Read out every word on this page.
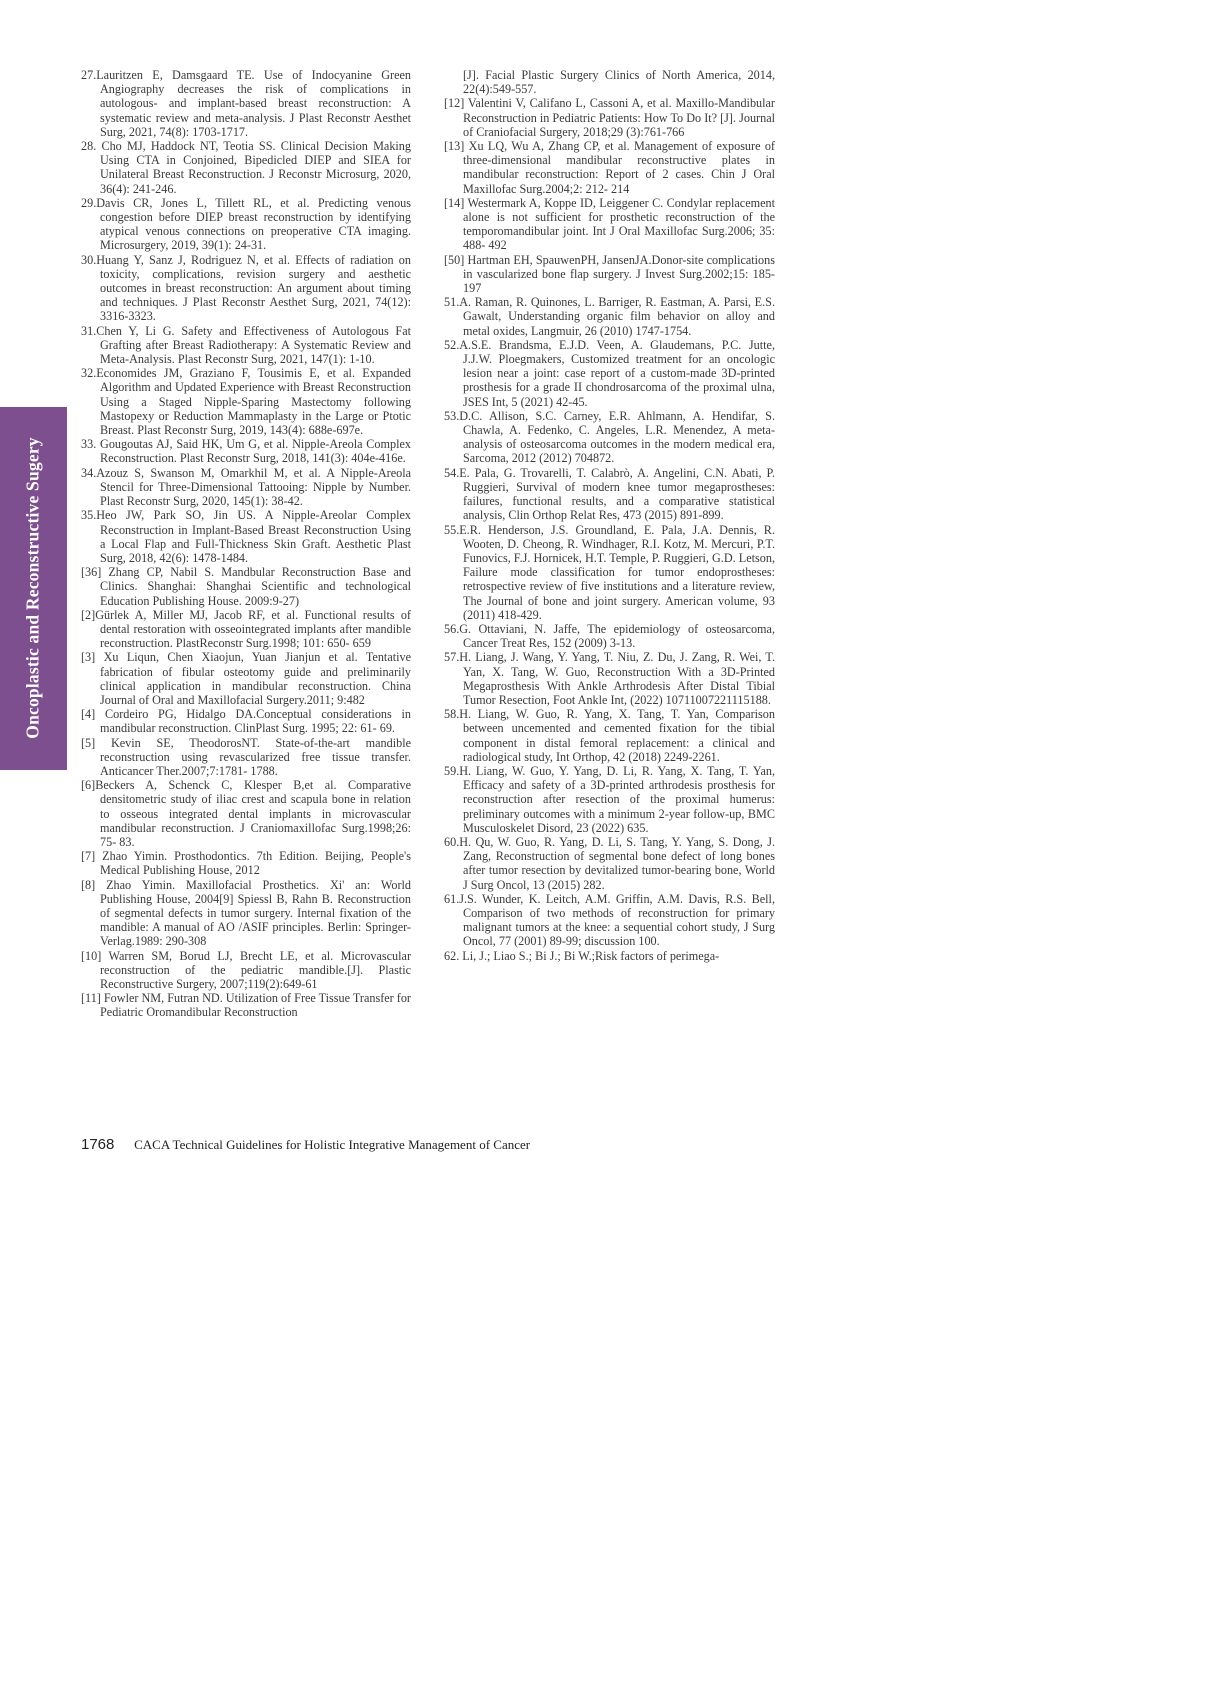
Oncoplastic and Reconstructive Sugery

27.Lauritzen E, Damsgaard TE. Use of Indocyanine Green Angiography decreases the risk of complications in autologous- and implant-based breast reconstruction: A systematic review and meta-analysis. J Plast Reconstr Aesthet Surg, 2021, 74(8): 1703-1717.

28. Cho MJ, Haddock NT, Teotia SS. Clinical Decision Making Using CTA in Conjoined, Bipedicled DIEP and SIEA for Unilateral Breast Reconstruction. J Reconstr Microsurg, 2020, 36(4): 241-246.

29.Davis CR, Jones L, Tillett RL, et al. Predicting venous congestion before DIEP breast reconstruction by identifying atypical venous connections on preoperative CTA imaging. Microsurgery, 2019, 39(1): 24-31.

30.Huang Y, Sanz J, Rodriguez N, et al. Effects of radiation on toxicity, complications, revision surgery and aesthetic outcomes in breast reconstruction: An argument about timing and techniques. J Plast Reconstr Aesthet Surg, 2021, 74(12): 3316-3323.

31.Chen Y, Li G. Safety and Effectiveness of Autologous Fat Grafting after Breast Radiotherapy: A Systematic Review and Meta-Analysis. Plast Reconstr Surg, 2021, 147(1): 1-10.

32.Economides JM, Graziano F, Tousimis E, et al. Expanded Algorithm and Updated Experience with Breast Reconstruction Using a Staged Nipple-Sparing Mastectomy following Mastopexy or Reduction Mammaplasty in the Large or Ptotic Breast. Plast Reconstr Surg, 2019, 143(4): 688e-697e.

33. Gougoutas AJ, Said HK, Um G, et al. Nipple-Areola Complex Reconstruction. Plast Reconstr Surg, 2018, 141(3): 404e-416e.

34.Azouz S, Swanson M, Omarkhil M, et al. A Nipple-Areola Stencil for Three-Dimensional Tattooing: Nipple by Number. Plast Reconstr Surg, 2020, 145(1): 38-42.

35.Heo JW, Park SO, Jin US. A Nipple-Areolar Complex Reconstruction in Implant-Based Breast Reconstruction Using a Local Flap and Full-Thickness Skin Graft. Aesthetic Plast Surg, 2018, 42(6): 1478-1484.

[36] Zhang CP, Nabil S. Mandbular Reconstruction Base and Clinics. Shanghai: Shanghai Scientific and technological Education Publishing House. 2009:9-27)

[2]Gürlek A, Miller MJ, Jacob RF, et al. Functional results of dental restoration with osseointegrated implants after mandible reconstruction. PlastReconstr Surg.1998; 101: 650- 659

[3] Xu Liqun, Chen Xiaojun, Yuan Jianjun et al. Tentative fabrication of fibular osteotomy guide and preliminarily clinical application in mandibular reconstruction. China Journal of Oral and Maxillofacial Surgery.2011; 9:482

[4] Cordeiro PG, Hidalgo DA.Conceptual considerations in mandibular reconstruction. ClinPlast Surg. 1995; 22: 61- 69.

[5] Kevin SE, TheodorosNT. State-of-the-art mandible reconstruction using revascularized free tissue transfer. Anticancer Ther.2007;7:1781- 1788.

[6]Beckers A, Schenck C, Klesper B,et al. Comparative densitometric study of iliac crest and scapula bone in relation to osseous integrated dental implants in microvascular mandibular reconstruction. J Craniomaxillofac Surg.1998;26: 75- 83.

[7] Zhao Yimin. Prosthodontics. 7th Edition. Beijing, People's Medical Publishing House, 2012

[8] Zhao Yimin. Maxillofacial Prosthetics. Xi' an: World Publishing House, 2004[9] Spiessl B, Rahn B. Reconstruction of segmental defects in tumor surgery. Internal fixation of the mandible: A manual of AO /ASIF principles. Berlin: Springer-Verlag.1989: 290-308

[10] Warren SM, Borud LJ, Brecht LE, et al. Microvascular reconstruction of the pediatric mandible.[J]. Plastic Reconstructive Surgery, 2007;119(2):649-61

[11] Fowler NM, Futran ND. Utilization of Free Tissue Transfer for Pediatric Oromandibular Reconstruction

[J]. Facial Plastic Surgery Clinics of North America, 2014, 22(4):549-557.

[12] Valentini V, Califano L, Cassoni A, et al. Maxillo-Mandibular Reconstruction in Pediatric Patients: How To Do It? [J]. Journal of Craniofacial Surgery, 2018;29 (3):761-766

[13] Xu LQ, Wu A, Zhang CP, et al. Management of exposure of three-dimensional mandibular reconstructive plates in mandibular reconstruction: Report of 2 cases. Chin J Oral Maxillofac Surg.2004;2: 212- 214

[14] Westermark A, Koppe ID, Leiggener C. Condylar replacement alone is not sufficient for prosthetic reconstruction of the temporomandibular joint. Int J Oral Maxillofac Surg.2006; 35: 488- 492

[50] Hartman EH, SpauwenPH, JansenJA.Donor-site complications in vascularized bone flap surgery. J Invest Surg.2002;15: 185-197

51.A. Raman, R. Quinones, L. Barriger, R. Eastman, A. Parsi, E.S. Gawalt, Understanding organic film behavior on alloy and metal oxides, Langmuir, 26 (2010) 1747-1754.

52.A.S.E. Brandsma, E.J.D. Veen, A. Glaudemans, P.C. Jutte, J.J.W. Ploegmakers, Customized treatment for an oncologic lesion near a joint: case report of a custom-made 3D-printed prosthesis for a grade II chondrosarcoma of the proximal ulna, JSES Int, 5 (2021) 42-45.

53.D.C. Allison, S.C. Carney, E.R. Ahlmann, A. Hendifar, S. Chawla, A. Fedenko, C. Angeles, L.R. Menendez, A meta-analysis of osteosarcoma outcomes in the modern medical era, Sarcoma, 2012 (2012) 704872.

54.E. Pala, G. Trovarelli, T. Calabrò, A. Angelini, C.N. Abati, P. Ruggieri, Survival of modern knee tumor megaprostheses: failures, functional results, and a comparative statistical analysis, Clin Orthop Relat Res, 473 (2015) 891-899.

55.E.R. Henderson, J.S. Groundland, E. Pala, J.A. Dennis, R. Wooten, D. Cheong, R. Windhager, R.I. Kotz, M. Mercuri, P.T. Funovics, F.J. Hornicek, H.T. Temple, P. Ruggieri, G.D. Letson, Failure mode classification for tumor endoprostheses: retrospective review of five institutions and a literature review, The Journal of bone and joint surgery. American volume, 93 (2011) 418-429.

56.G. Ottaviani, N. Jaffe, The epidemiology of osteosarcoma, Cancer Treat Res, 152 (2009) 3-13.

57.H. Liang, J. Wang, Y. Yang, T. Niu, Z. Du, J. Zang, R. Wei, T. Yan, X. Tang, W. Guo, Reconstruction With a 3D-Printed Megaprosthesis With Ankle Arthrodesis After Distal Tibial Tumor Resection, Foot Ankle Int, (2022) 10711007221115188.

58.H. Liang, W. Guo, R. Yang, X. Tang, T. Yan, Comparison between uncemented and cemented fixation for the tibial component in distal femoral replacement: a clinical and radiological study, Int Orthop, 42 (2018) 2249-2261.

59.H. Liang, W. Guo, Y. Yang, D. Li, R. Yang, X. Tang, T. Yan, Efficacy and safety of a 3D-printed arthrodesis prosthesis for reconstruction after resection of the proximal humerus: preliminary outcomes with a minimum 2-year follow-up, BMC Musculoskelet Disord, 23 (2022) 635.

60.H. Qu, W. Guo, R. Yang, D. Li, S. Tang, Y. Yang, S. Dong, J. Zang, Reconstruction of segmental bone defect of long bones after tumor resection by devitalized tumor-bearing bone, World J Surg Oncol, 13 (2015) 282.

61.J.S. Wunder, K. Leitch, A.M. Griffin, A.M. Davis, R.S. Bell, Comparison of two methods of reconstruction for primary malignant tumors at the knee: a sequential cohort study, J Surg Oncol, 77 (2001) 89-99; discussion 100.

62. Li, J.; Liao S.; Bi J.; Bi W.;Risk factors of perimega-

1768 CACA Technical Guidelines for Holistic Integrative Management of Cancer
